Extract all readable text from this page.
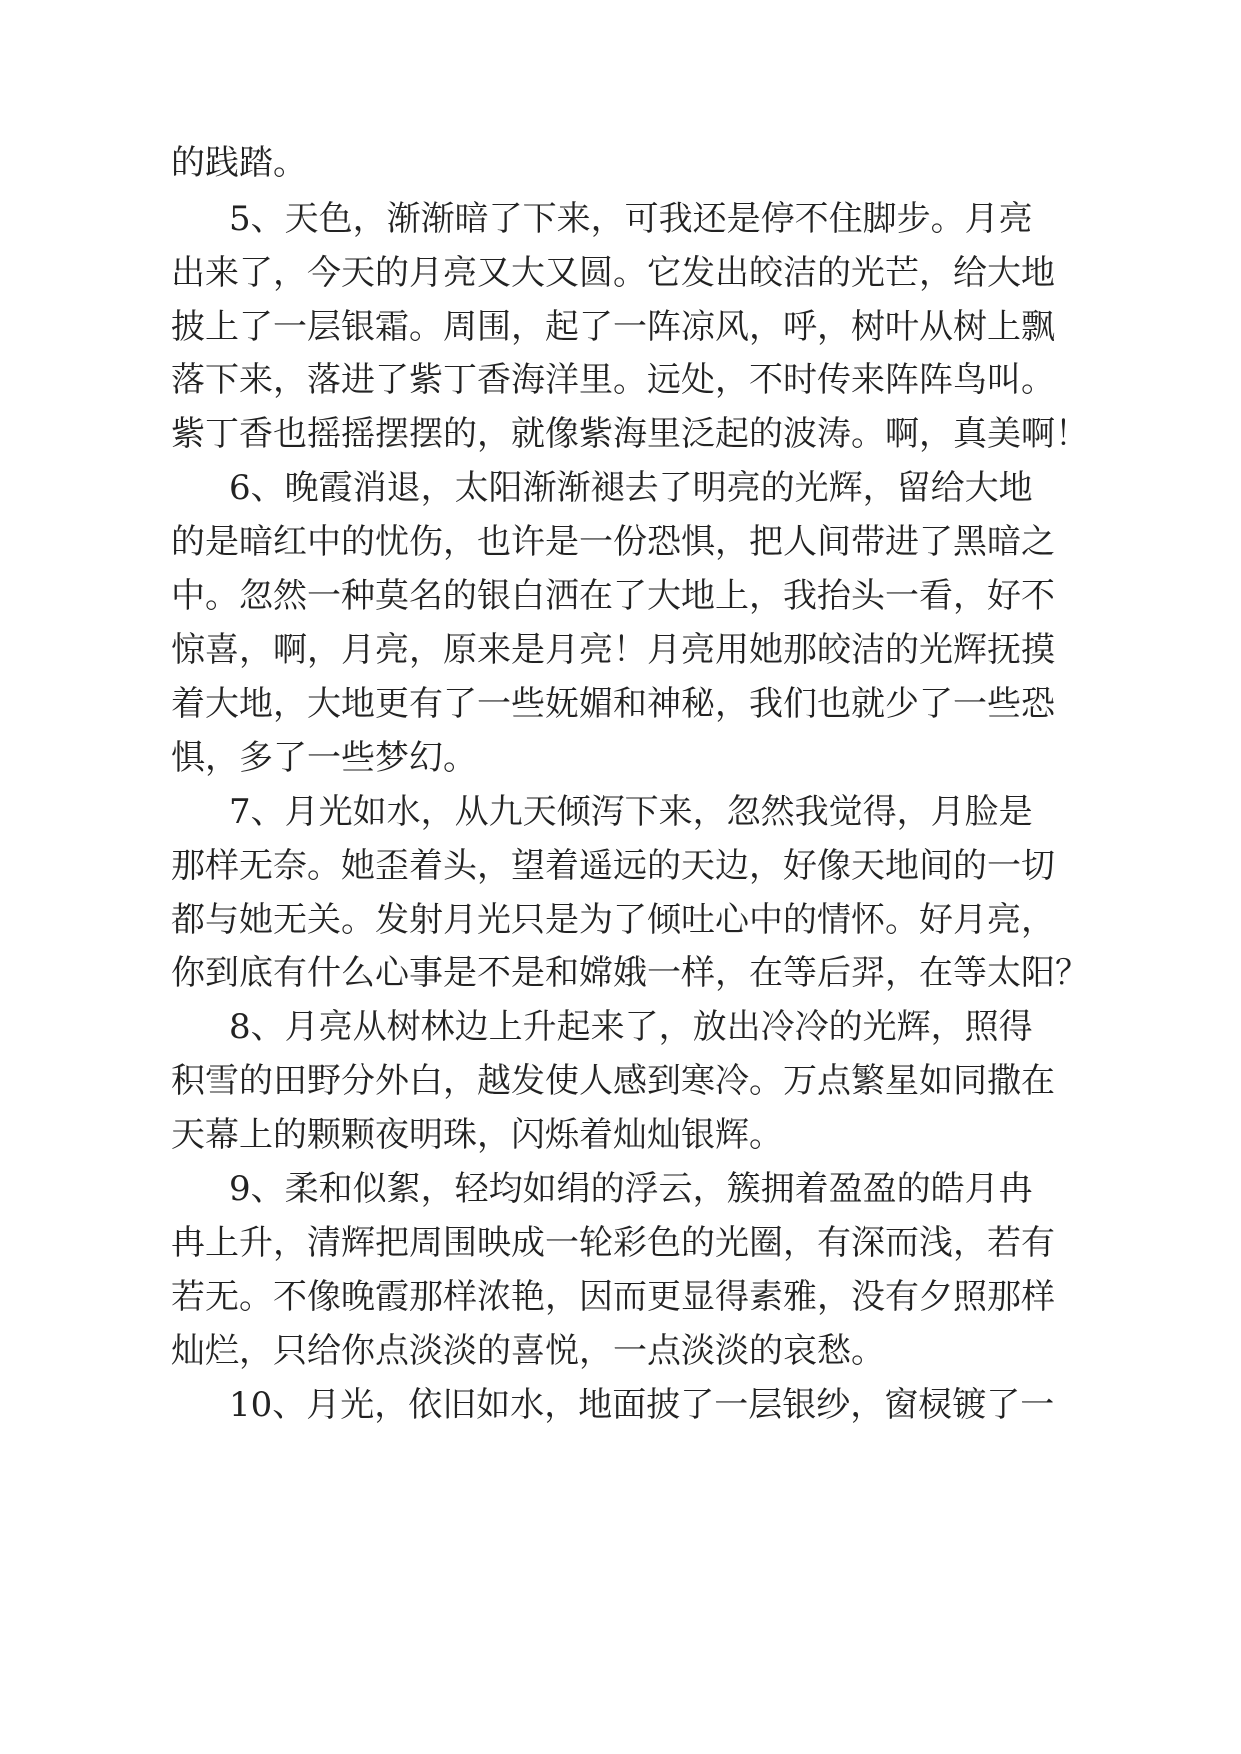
的践踏。
5、天色，渐渐暗了下来，可我还是停不住脚步。月亮
出来了，今天的月亮又大又圆。它发出皎洁的光芒，给大地
披上了一层银霜。周围，起了一阵凉风，呼，树叶从树上飘
落下来，落进了紫丁香海洋里。远处，不时传来阵阵鸟叫。
紫丁香也摇摇摆摆的，就像紫海里泛起的波涛。啊，真美啊！
6、晚霞消退，太阳渐渐褪去了明亮的光辉，留给大地
的是暗红中的忧伤，也许是一份恐惧，把人间带进了黑暗之
中。忽然一种莫名的银白洒在了大地上，我抬头一看，好不
惊喜，啊，月亮，原来是月亮！月亮用她那皎洁的光辉抚摸
着大地，大地更有了一些妩媚和神秘，我们也就少了一些恐
惧，多了一些梦幻。
7、月光如水，从九天倾泻下来，忽然我觉得，月脸是
那样无奈。她歪着头，望着遥远的天边，好像天地间的一切
都与她无关。发射月光只是为了倾吐心中的情怀。好月亮，
你到底有什么心事是不是和嫦娥一样，在等后羿，在等太阳？
8、月亮从树林边上升起来了，放出冷冷的光辉，照得
积雪的田野分外白，越发使人感到寒冷。万点繁星如同撒在
天幕上的颗颗夜明珠，闪烁着灿灿银辉。
9、柔和似絮，轻均如绢的浮云，簇拥着盈盈的皓月冉
冉上升，清辉把周围映成一轮彩色的光圈，有深而浅，若有
若无。不像晚霞那样浓艳，因而更显得素雅，没有夕照那样
灿烂，只给你点淡淡的喜悦，一点淡淡的哀愁。
10、月光，依旧如水，地面披了一层银纱，窗棂镀了一
